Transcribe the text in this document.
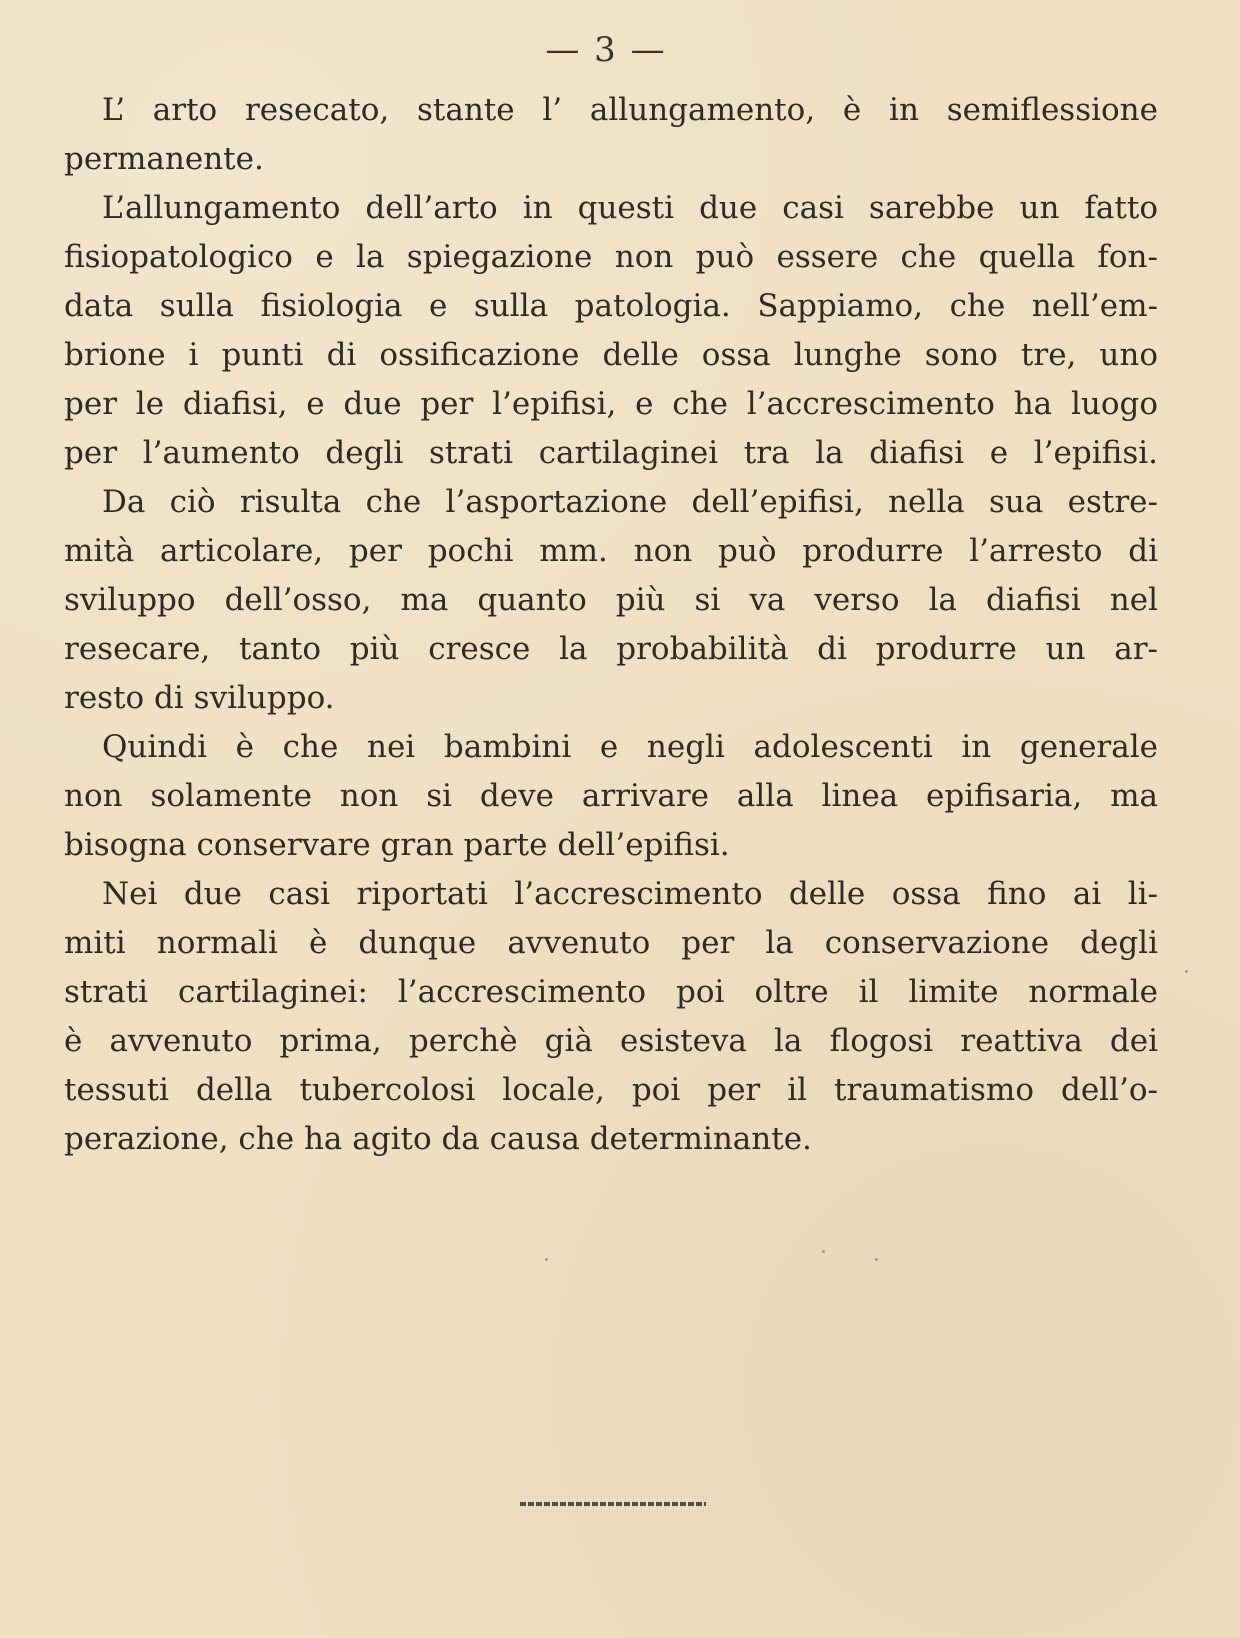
— 3 —
L’ arto resecato, stante l’ allungamento, è in semiflessione
permanente.
L’allungamento dell’arto in questi due casi sarebbe un fatto
fisiopatologico e la spiegazione non può essere che quella fon-
data sulla fisiologia e sulla patologia. Sappiamo, che nell’em-
brione i punti di ossificazione delle ossa lunghe sono tre, uno
per le diafisi, e due per l’epifisi, e che l’accrescimento ha luogo
per l’aumento degli strati cartilaginei tra la diafisi e l’epifisi.
Da ciò risulta che l’asportazione dell’epifisi, nella sua estre-
mità articolare, per pochi mm. non può produrre l’arresto di
sviluppo dell’osso, ma quanto più si va verso la diafisi nel
resecare, tanto più cresce la probabilità di produrre un ar-
resto di sviluppo.
Quindi è che nei bambini e negli adolescenti in generale
non solamente non si deve arrivare alla linea epifisaria, ma
bisogna conservare gran parte dell’epifisi.
Nei due casi riportati l’accrescimento delle ossa fino ai li-
miti normali è dunque avvenuto per la conservazione degli
strati cartilaginei: l’accrescimento poi oltre il limite normale
è avvenuto prima, perchè già esisteva la flogosi reattiva dei
tessuti della tubercolosi locale, poi per il traumatismo dell’o-
perazione, che ha agito da causa determinante.
